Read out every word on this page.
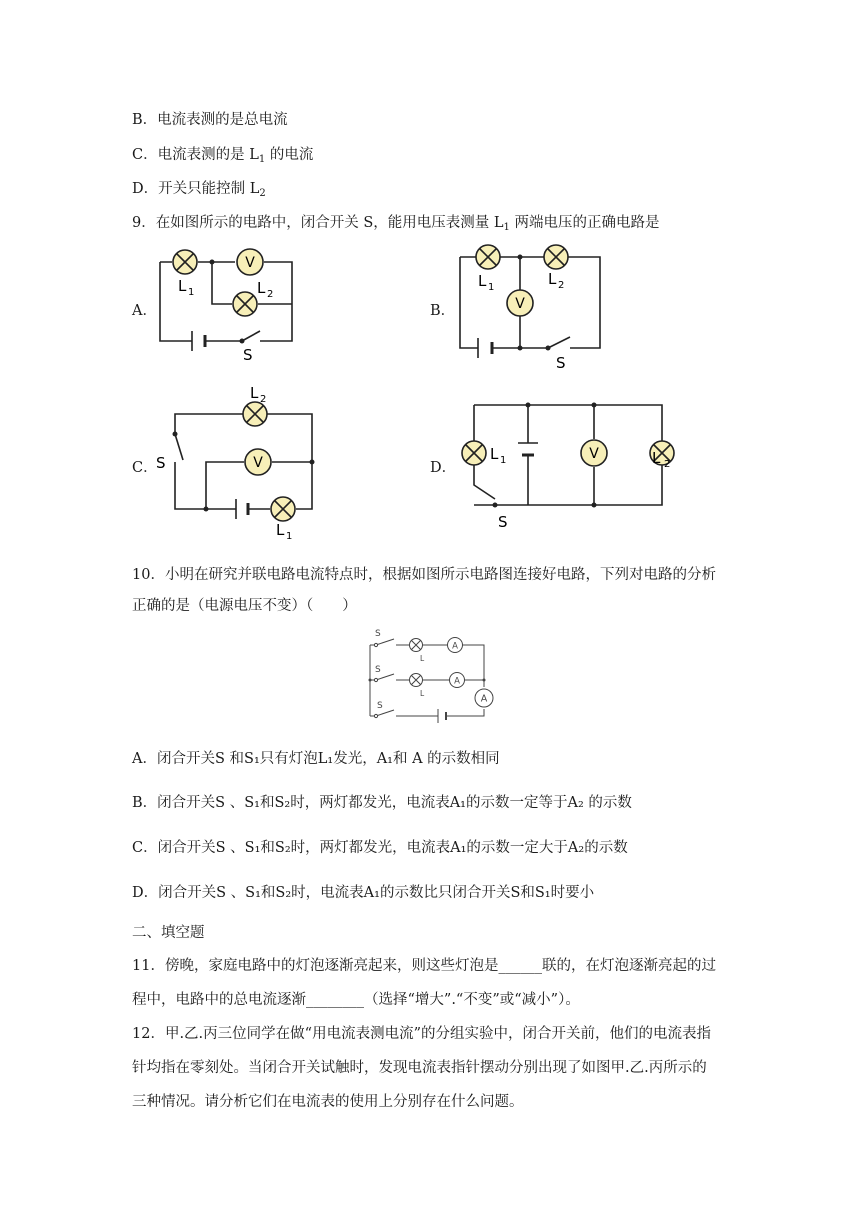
B．电流表测的是总电流
C．电流表测的是 $L_1$ 的电流
D．开关只能控制 $L_2$
9．在如图所示的电路中，闭合开关 S，能用电压表测量 $L_1$ 两端电压的正确电路是
A．	B．
C．	D．
V
L 1	L 2
S
V
L 1	L 2
S
V
L 2
L 1
S	V
L 1	L 2
S
10．小明在研究并联电路电流特点时，根据如图所示电路图连接好电路，下列对电路的分析
正确的是（电源电压不变）（　　）
A
A
A
S
S
S
L
L
A．闭合开关S 和S₁只有灯泡L₁发光，A₁和 A 的示数相同
B．闭合开关S 、S₁和S₂时，两灯都发光，电流表A₁的示数一定等于A₂ 的示数
C．闭合开关S 、S₁和S₂时，两灯都发光，电流表A₁的示数一定大于A₂的示数
D．闭合开关S 、S₁和S₂时，电流表A₁的示数比只闭合开关S和S₁时要小
二、填空题
11．傍晚，家庭电路中的灯泡逐渐亮起来，则这些灯泡是______联的，在灯泡逐渐亮起的过
程中，电路中的总电流逐渐________（选择“增大”.“不变”或“减小”）。
12．甲.乙.丙三位同学在做“用电流表测电流”的分组实验中，闭合开关前，他们的电流表指
针均指在零刻处。当闭合开关试触时，发现电流表指针摆动分别出现了如图甲.乙.丙所示的
三种情况。请分析它们在电流表的使用上分别存在什么问题。
